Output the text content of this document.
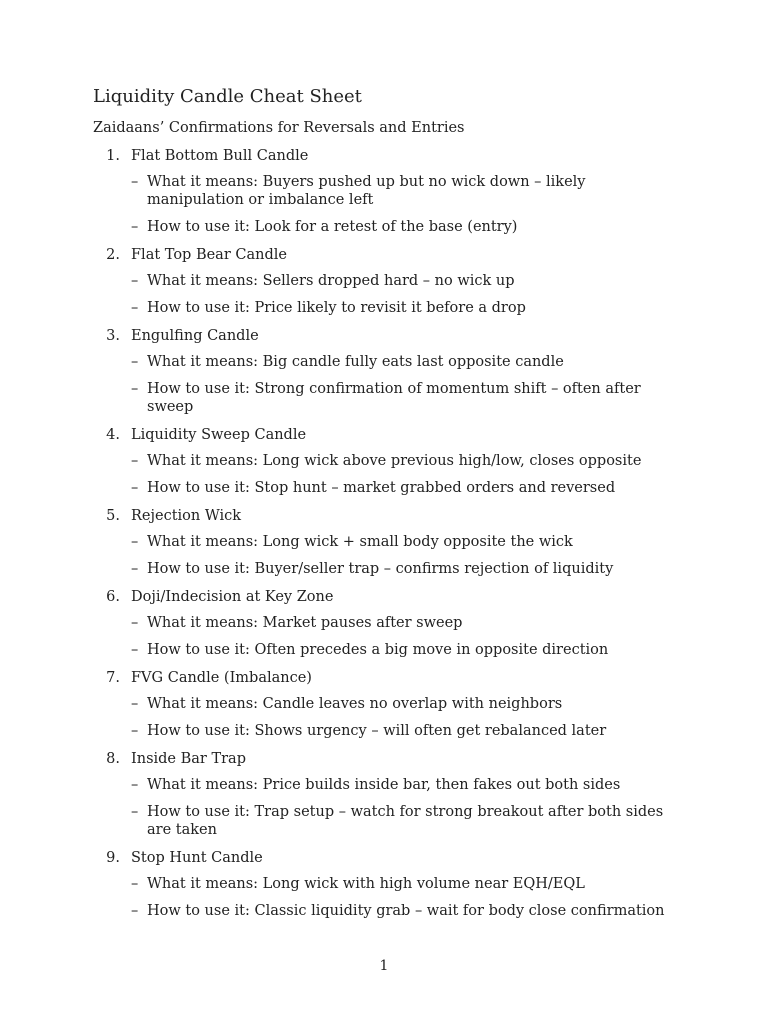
Liquidity Candle Cheat Sheet
Zaidaans’ Confirmations for Reversals and Entries
1. Flat Bottom Bull Candle
– What it means: Buyers pushed up but no wick down – likely manipulation or imbalance left
– How to use it: Look for a retest of the base (entry)
2. Flat Top Bear Candle
– What it means: Sellers dropped hard – no wick up
– How to use it: Price likely to revisit it before a drop
3. Engulfing Candle
– What it means: Big candle fully eats last opposite candle
– How to use it: Strong confirmation of momentum shift – often after sweep
4. Liquidity Sweep Candle
– What it means: Long wick above previous high/low, closes opposite
– How to use it: Stop hunt – market grabbed orders and reversed
5. Rejection Wick
– What it means: Long wick + small body opposite the wick
– How to use it: Buyer/seller trap – confirms rejection of liquidity
6. Doji/Indecision at Key Zone
– What it means: Market pauses after sweep
– How to use it: Often precedes a big move in opposite direction
7. FVG Candle (Imbalance)
– What it means: Candle leaves no overlap with neighbors
– How to use it: Shows urgency – will often get rebalanced later
8. Inside Bar Trap
– What it means: Price builds inside bar, then fakes out both sides
– How to use it: Trap setup – watch for strong breakout after both sides are taken
9. Stop Hunt Candle
– What it means: Long wick with high volume near EQH/EQL
– How to use it: Classic liquidity grab – wait for body close confirmation
1
